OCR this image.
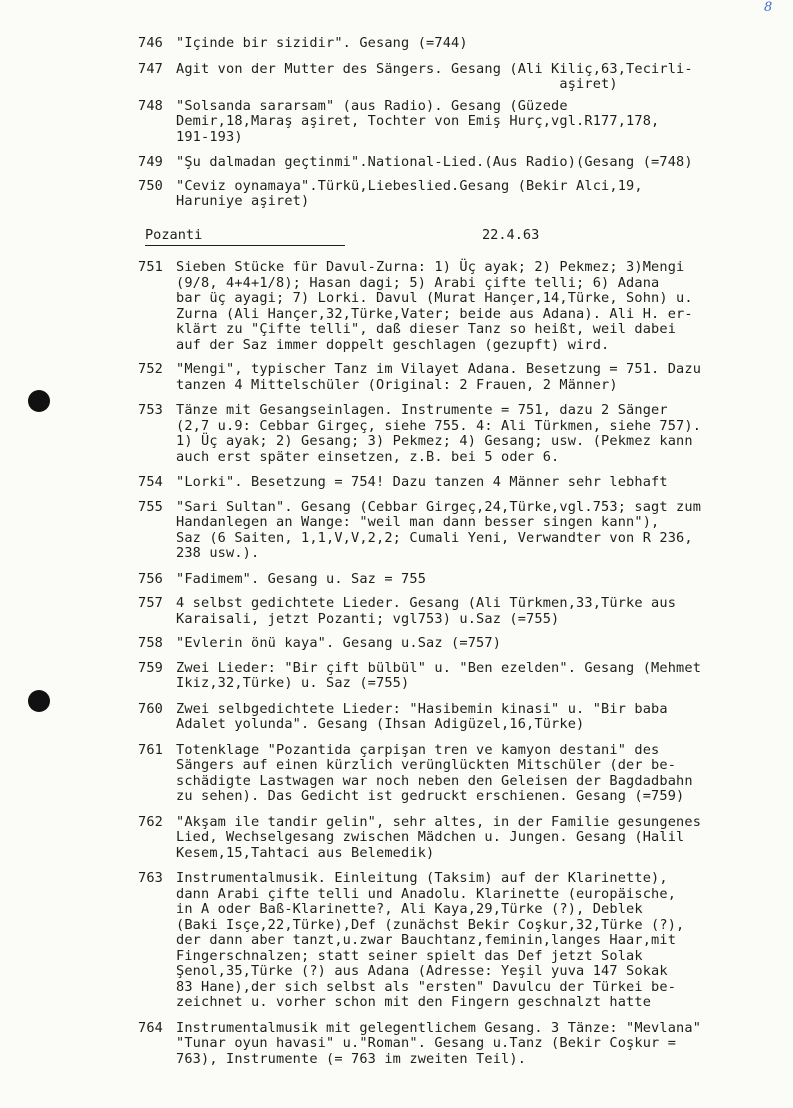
8
746 "Içinde bir sizidir". Gesang (=744)
747 Agit von der Mutter des Sängers. Gesang (Ali Kiliç,63,Tecirli-
aşiret)
748 "Solsanda sararsam" (aus Radio). Gesang (Güzede
Demir,18,Maraş aşiret, Tochter von Emiş Hurç,vgl.R177,178,
191-193)
749 "Şu dalmadan geçtinmi".National-Lied.(Aus Radio)(Gesang (=748)
750 "Ceviz oynamaya".Türkü,Liebeslied.Gesang (Bekir Alci,19,
Haruniye aşiret)
Pozanti	22.4.63
751 Sieben Stücke für Davul-Zurna: 1) Üç ayak; 2) Pekmez; 3)Mengi
(9/8, 4+4+1/8); Hasan dagi; 5) Arabi çifte telli; 6) Adana
bar üç ayagi; 7) Lorki. Davul (Murat Hançer,14,Türke, Sohn) u.
Zurna (Ali Hançer,32,Türke,Vater; beide aus Adana). Ali H. er-
klärt zu "Çifte telli", daß dieser Tanz so heißt, weil dabei
auf der Saz immer doppelt geschlagen (gezupft) wird.
752 "Mengi", typischer Tanz im Vilayet Adana. Besetzung = 751. Dazu
tanzen 4 Mittelschüler (Original: 2 Frauen, 2 Männer)
753 Tänze mit Gesangseinlagen. Instrumente = 751, dazu 2 Sänger
(2,7 u.9: Cebbar Girgeç, siehe 755. 4: Ali Türkmen, siehe 757).
1) Üç ayak; 2) Gesang; 3) Pekmez; 4) Gesang; usw. (Pekmez kann
auch erst später einsetzen, z.B. bei 5 oder 6.
754 "Lorki". Besetzung = 754! Dazu tanzen 4 Männer sehr lebhaft
755 "Sari Sultan". Gesang (Cebbar Girgeç,24,Türke,vgl.753; sagt zum
Handanlegen an Wange: "weil man dann besser singen kann"),
Saz (6 Saiten, 1,1,V,V,2,2; Cumali Yeni, Verwandter von R 236,
238 usw.).
756 "Fadimem". Gesang u. Saz = 755
757 4 selbst gedichtete Lieder. Gesang (Ali Türkmen,33,Türke aus
Karaisali, jetzt Pozanti; vgl753) u.Saz (=755)
758 "Evlerin önü kaya". Gesang u.Saz (=757)
759 Zwei Lieder: "Bir çift bülbül" u. "Ben ezelden". Gesang (Mehmet
Ikiz,32,Türke) u. Saz (=755)
760 Zwei selbgedichtete Lieder: "Hasibemin kinasi" u. "Bir baba
Adalet yolunda". Gesang (Ihsan Adigüzel,16,Türke)
761 Totenklage "Pozantida çarpişan tren ve kamyon destani" des
Sängers auf einen kürzlich verünglückten Mitschüler (der be-
schädigte Lastwagen war noch neben den Geleisen der Bagdadbahn
zu sehen). Das Gedicht ist gedruckt erschienen. Gesang (=759)
762 "Akşam ile tandir gelin", sehr altes, in der Familie gesungenes
Lied, Wechselgesang zwischen Mädchen u. Jungen. Gesang (Halil
Kesem,15,Tahtaci aus Belemedik)
763 Instrumentalmusik. Einleitung (Taksim) auf der Klarinette),
dann Arabi çifte telli und Anadolu. Klarinette (europäische,
in A oder Baß-Klarinette?, Ali Kaya,29,Türke (?), Deblek
(Baki Isçe,22,Türke),Def (zunächst Bekir Coşkur,32,Türke (?),
der dann aber tanzt,u.zwar Bauchtanz,feminin,langes Haar,mit
Fingerschnalzen; statt seiner spielt das Def jetzt Solak
Şenol,35,Türke (?) aus Adana (Adresse: Yeşil yuva 147 Sokak
83 Hane),der sich selbst als "ersten" Davulcu der Türkei be-
zeichnet u. vorher schon mit den Fingern geschnalzt hatte
764 Instrumentalmusik mit gelegentlichem Gesang. 3 Tänze: "Mevlana"
"Tunar oyun havasi" u."Roman". Gesang u.Tanz (Bekir Coşkur =
763), Instrumente (= 763 im zweiten Teil).
